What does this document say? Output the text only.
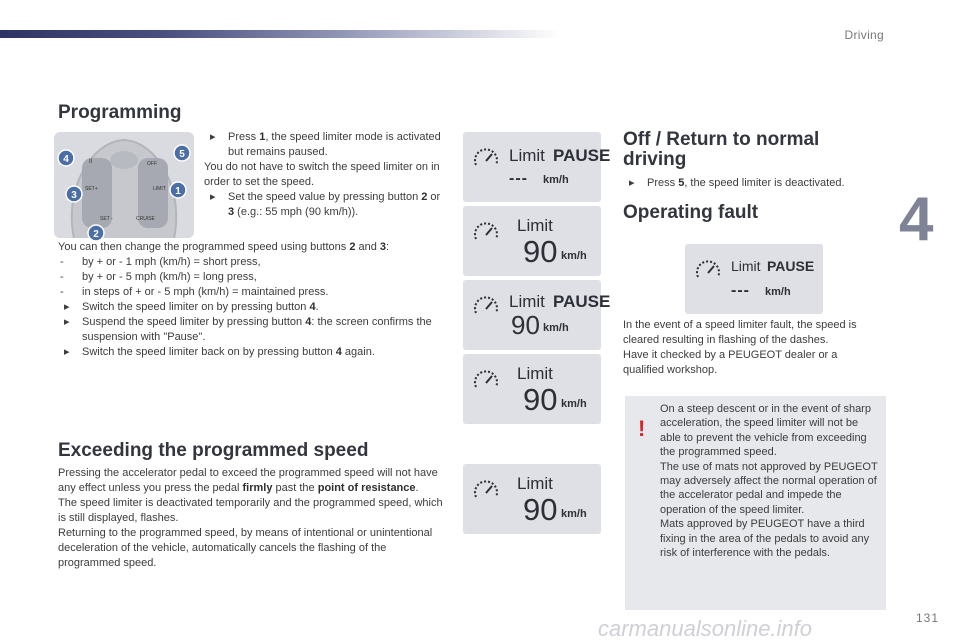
Driving
4
131
carmanualsonline.info
Programming
4	5
3	1
2
II
SET+	LIMIT
SET -	CRUISE
OFF

▸ Press 1, the speed limiter mode is activated but remains paused.

You do not have to switch the speed limiter on in order to set the speed.

▸ Set the speed value by pressing button 2 or 3 (e.g.: 55 mph (90 km/h)).

You can then change the programmed speed using buttons 2 and 3:

- by + or - 1 mph (km/h) = short press,

- by + or - 5 mph (km/h) = long press,

- in steps of + or - 5 mph (km/h) = maintained press.

▸ Switch the speed limiter on by pressing button 4.

▸ Suspend the speed limiter by pressing button 4: the screen confirms the suspension with "Pause".

▸ Switch the speed limiter back on by pressing button 4 again.

Limit PAUSE
--- km/h
Limit
90 km/h
Limit PAUSE
90 km/h
Limit
90 km/h
Limit
90 km/h
Exceeding the programmed speed

Pressing the accelerator pedal to exceed the programmed speed will not have any effect unless you press the pedal firmly past the point of resistance.

The speed limiter is deactivated temporarily and the programmed speed, which is still displayed, flashes.

Returning to the programmed speed, by means of intentional or unintentional deceleration of the vehicle, automatically cancels the flashing of the programmed speed.

Off / Return to normal driving

▸ Press 5, the speed limiter is deactivated.

Operating fault
Limit PAUSE
--- km/h

In the event of a speed limiter fault, the speed is cleared resulting in flashing of the dashes.

Have it checked by a PEUGEOT dealer or a qualified workshop.

!

On a steep descent or in the event of sharp acceleration, the speed limiter will not be able to prevent the vehicle from exceeding the programmed speed.

The use of mats not approved by PEUGEOT may adversely affect the normal operation of the accelerator pedal and impede the operation of the speed limiter.

Mats approved by PEUGEOT have a third fixing in the area of the pedals to avoid any risk of interference with the pedals.
